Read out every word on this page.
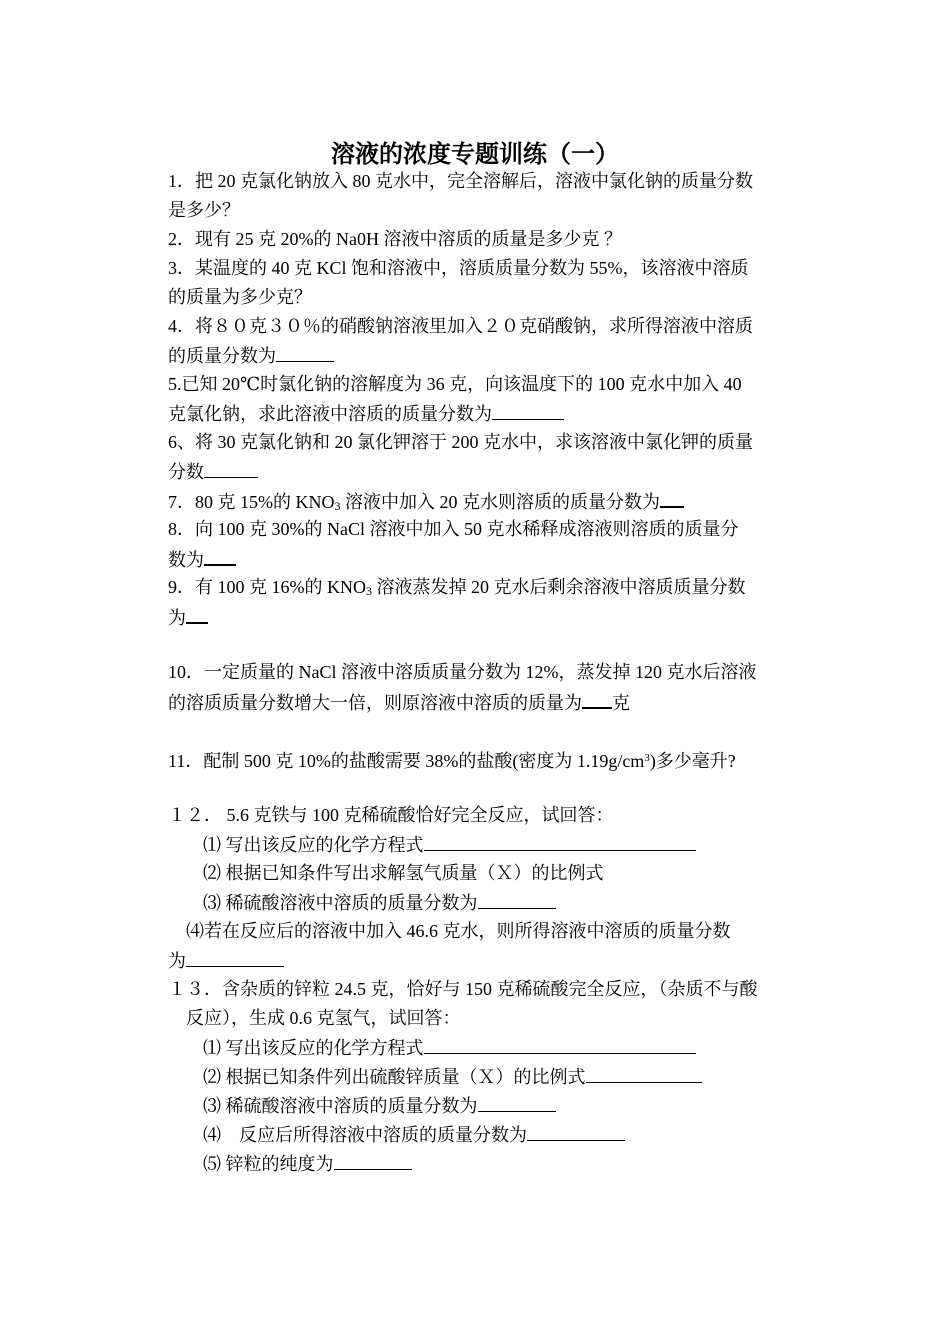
溶液的浓度专题训练（一）
1．把 20 克氯化钠放入 80 克水中，完全溶解后，溶液中氯化钠的质量分数
是多少？
2．现有 25 克 20%的 Na0H 溶液中溶质的质量是多少克 ？
3．某温度的 40 克 KCl 饱和溶液中，溶质质量分数为 55%，该溶液中溶质
的质量为多少克？
4．将８０克３０％的硝酸钠溶液里加入２０克硝酸钠，求所得溶液中溶质
的质量分数为
5.已知 20℃时氯化钠的溶解度为 36 克，向该温度下的 100 克水中加入 40
克氯化钠，求此溶液中溶质的质量分数为
6、将 30 克氯化钠和 20 氯化钾溶于 200 克水中，求该溶液中氯化钾的质量
分数
7．80 克 15%的 $KNO_3$ 溶液中加入 20 克水则溶质的质量分数为
8．向 100 克 30%的 NaCl 溶液中加入 50 克水稀释成溶液则溶质的质量分
数为
9．有 100 克 16%的 $KNO_3$ 溶液蒸发掉 20 克水后剩余溶液中溶质质量分数
为
10．一定质量的 NaCl 溶液中溶质质量分数为 12%，蒸发掉 120 克水后溶液
的溶质质量分数增大一倍，则原溶液中溶质的质量为 克
11．配制 500 克 10%的盐酸需要 38%的盐酸(密度为 $1.19g/cm^3$)多少毫升?
１２． 5.6 克铁与 100 克稀硫酸恰好完全反应，试回答：
⑴ 写出该反应的化学方程式
⑵ 根据已知条件写出求解氢气质量（Ｘ）的比例式
⑶ 稀硫酸溶液中溶质的质量分数为
⑷若在反应后的溶液中加入 46.6 克水，则所得溶液中溶质的质量分数
为
１３．含杂质的锌粒 24.5 克，恰好与 150 克稀硫酸完全反应，（杂质不与酸
反应），生成 0.6 克氢气，试回答：
⑴ 写出该反应的化学方程式
⑵ 根据已知条件列出硫酸锌质量（Ｘ）的比例式
⑶ 稀硫酸溶液中溶质的质量分数为
⑷　反应后所得溶液中溶质的质量分数为
⑸ 锌粒的纯度为
